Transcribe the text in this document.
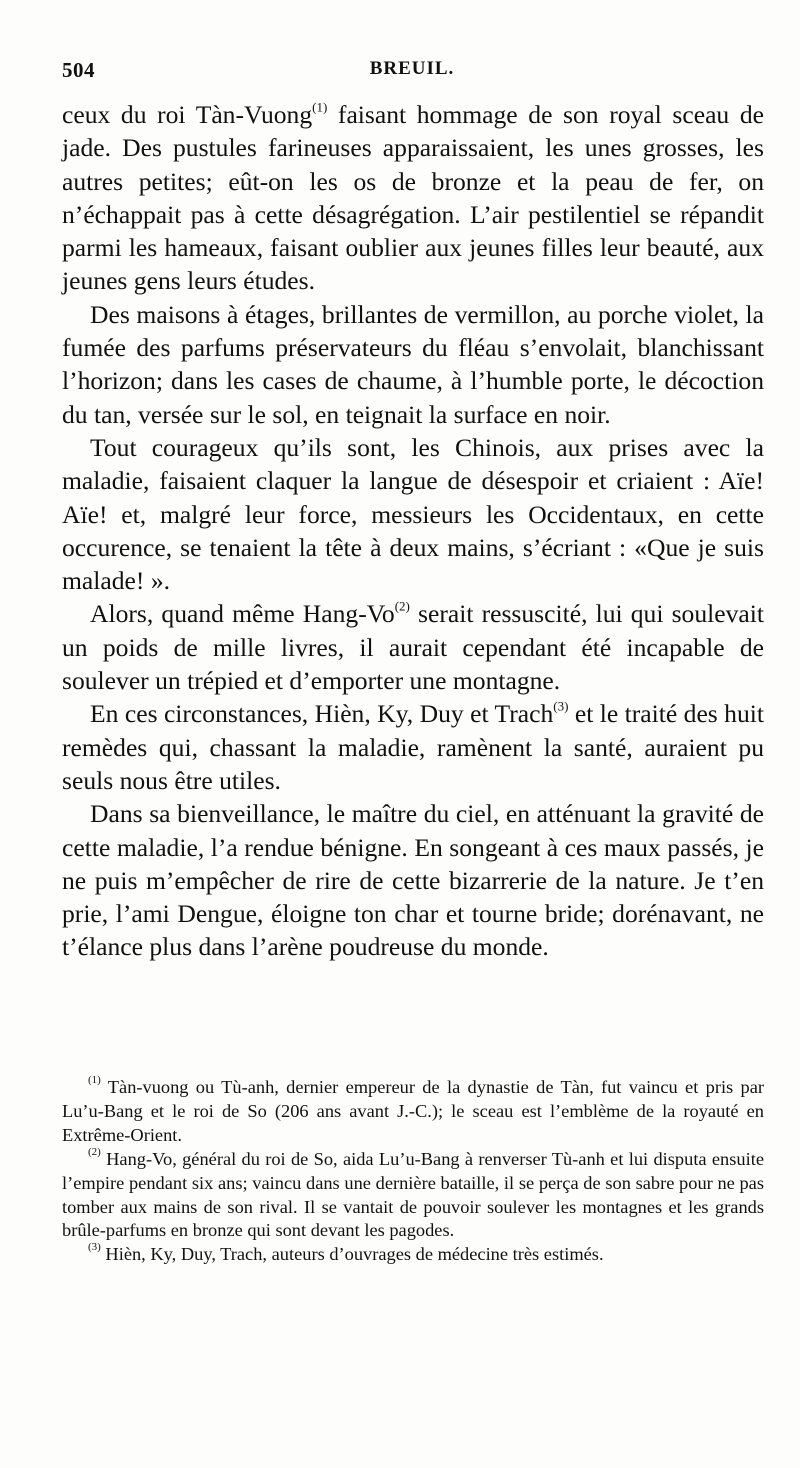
504	BREUIL.

ceux du roi Tàn-Vuong$^{(1)}$ faisant hommage de son royal sceau de jade. Des pustules farineuses apparaissaient, les unes grosses, les autres petites; eût-on les os de bronze et la peau de fer, on n’échappait pas à cette désagrégation. L’air pestilentiel se répandit parmi les hameaux, faisant oublier aux jeunes filles leur beauté, aux jeunes gens leurs études.

Des maisons à étages, brillantes de vermillon, au porche violet, la fumée des parfums préservateurs du fléau s’envolait, blanchissant l’horizon; dans les cases de chaume, à l’humble porte, le décoction du tan, versée sur le sol, en teignait la surface en noir.

Tout courageux qu’ils sont, les Chinois, aux prises avec la maladie, faisaient claquer la langue de désespoir et criaient : Aïe! Aïe! et, malgré leur force, messieurs les Occidentaux, en cette occurence, se tenaient la tête à deux mains, s’écriant : «Que je suis malade! ».

Alors, quand même Hang-Vo$^{(2)}$ serait ressuscité, lui qui soulevait un poids de mille livres, il aurait cependant été incapable de soulever un trépied et d’emporter une montagne.

En ces circonstances, Hièn, Ky, Duy et Trach$^{(3)}$ et le traité des huit remèdes qui, chassant la maladie, ramènent la santé, auraient pu seuls nous être utiles.

Dans sa bienveillance, le maître du ciel, en atténuant la gravité de cette maladie, l’a rendue bénigne. En songeant à ces maux passés, je ne puis m’empêcher de rire de cette bizarrerie de la nature. Je t’en prie, l’ami Dengue, éloigne ton char et tourne bride; dorénavant, ne t’élance plus dans l’arène poudreuse du monde.

$^{(1)}$ Tàn-vuong ou Tù-anh, dernier empereur de la dynastie de Tàn, fut vaincu et pris par Lu’u-Bang et le roi de So (206 ans avant J.-C.); le sceau est l’emblème de la royauté en Extrême-Orient.

$^{(2)}$ Hang-Vo, général du roi de So, aida Lu’u-Bang à renverser Tù-anh et lui disputa ensuite l’empire pendant six ans; vaincu dans une dernière bataille, il se perça de son sabre pour ne pas tomber aux mains de son rival. Il se vantait de pouvoir soulever les montagnes et les grands brûle-parfums en bronze qui sont devant les pagodes.

$^{(3)}$ Hièn, Ky, Duy, Trach, auteurs d’ouvrages de médecine très estimés.
